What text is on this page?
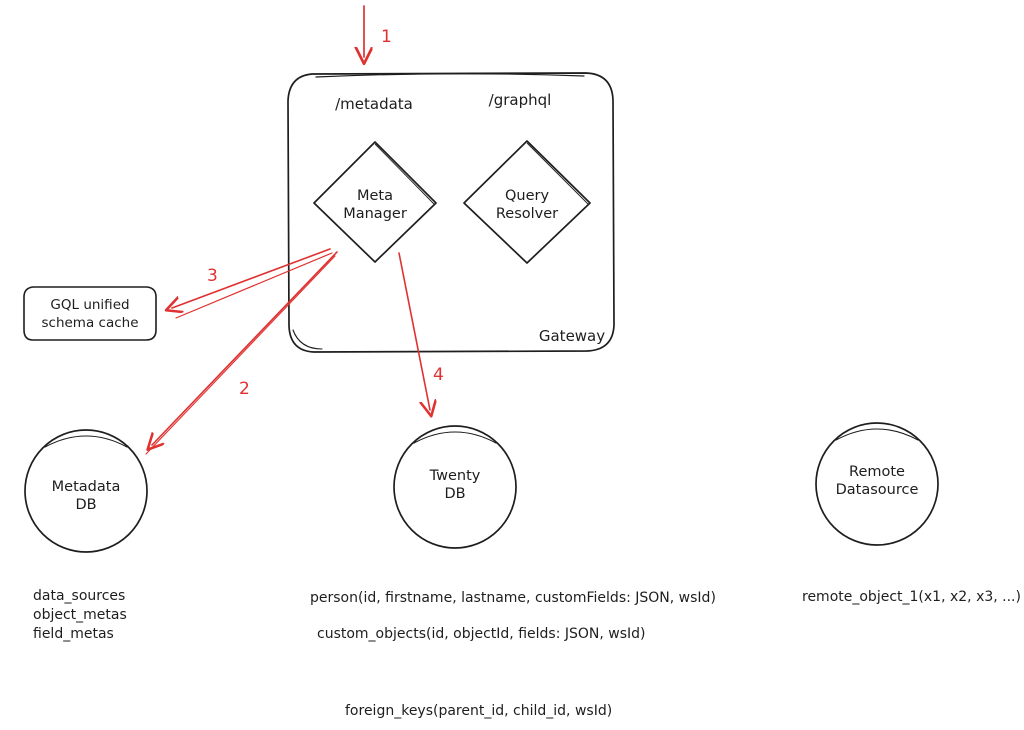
1
2
3
4
/metadata	/graphql
Gateway
Meta
Manager
Query
Resolver
GQL unified
schema cache
Metadata
DB
Twenty
DB
Remote
Datasource
data_sources
object_metas
field_metas
person(id, firstname, lastname, customFields: JSON, wsId)
custom_objects(id, objectId, fields: JSON, wsId)
remote_object_1(x1, x2, x3, ...)
foreign_keys(parent_id, child_id, wsId)
